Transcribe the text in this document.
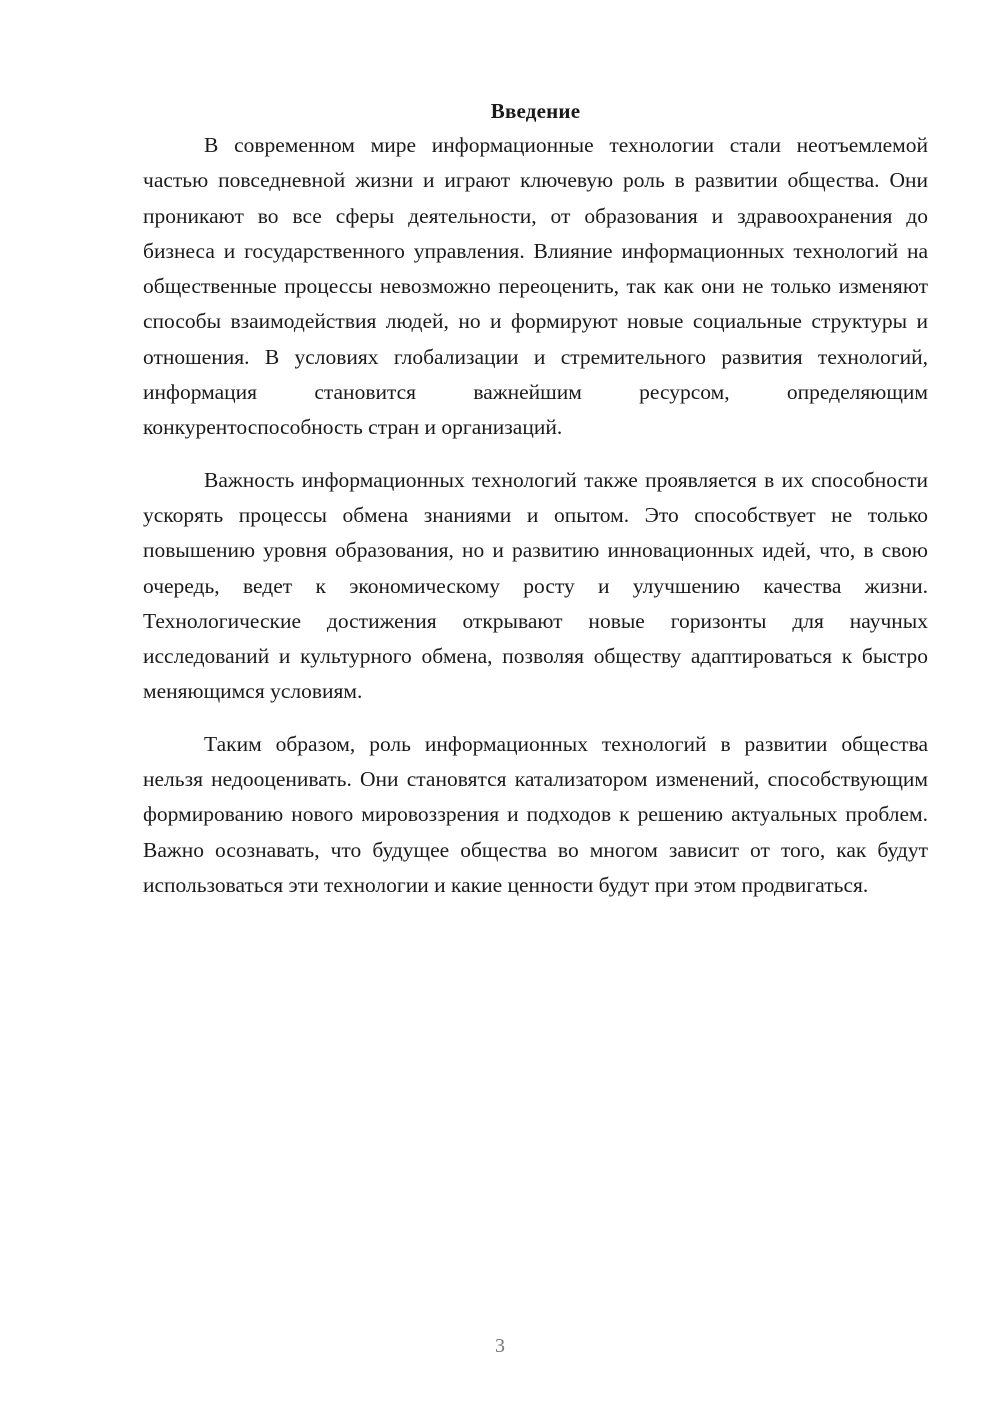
Введение

В современном мире информационные технологии стали неотъемлемой частью повседневной жизни и играют ключевую роль в развитии общества. Они проникают во все сферы деятельности, от образования и здравоохранения до бизнеса и государственного управления. Влияние информационных технологий на общественные процессы невозможно переоценить, так как они не только изменяют способы взаимодействия людей, но и формируют новые социальные структуры и отношения. В условиях глобализации и стремительного развития технологий, информация становится важнейшим ресурсом, определяющим конкурентоспособность стран и организаций.

Важность информационных технологий также проявляется в их способности ускорять процессы обмена знаниями и опытом. Это способствует не только повышению уровня образования, но и развитию инновационных идей, что, в свою очередь, ведет к экономическому росту и улучшению качества жизни. Технологические достижения открывают новые горизонты для научных исследований и культурного обмена, позволяя обществу адаптироваться к быстро меняющимся условиям.

Таким образом, роль информационных технологий в развитии общества нельзя недооценивать. Они становятся катализатором изменений, способствующим формированию нового мировоззрения и подходов к решению актуальных проблем. Важно осознавать, что будущее общества во многом зависит от того, как будут использоваться эти технологии и какие ценности будут при этом продвигаться.

3
